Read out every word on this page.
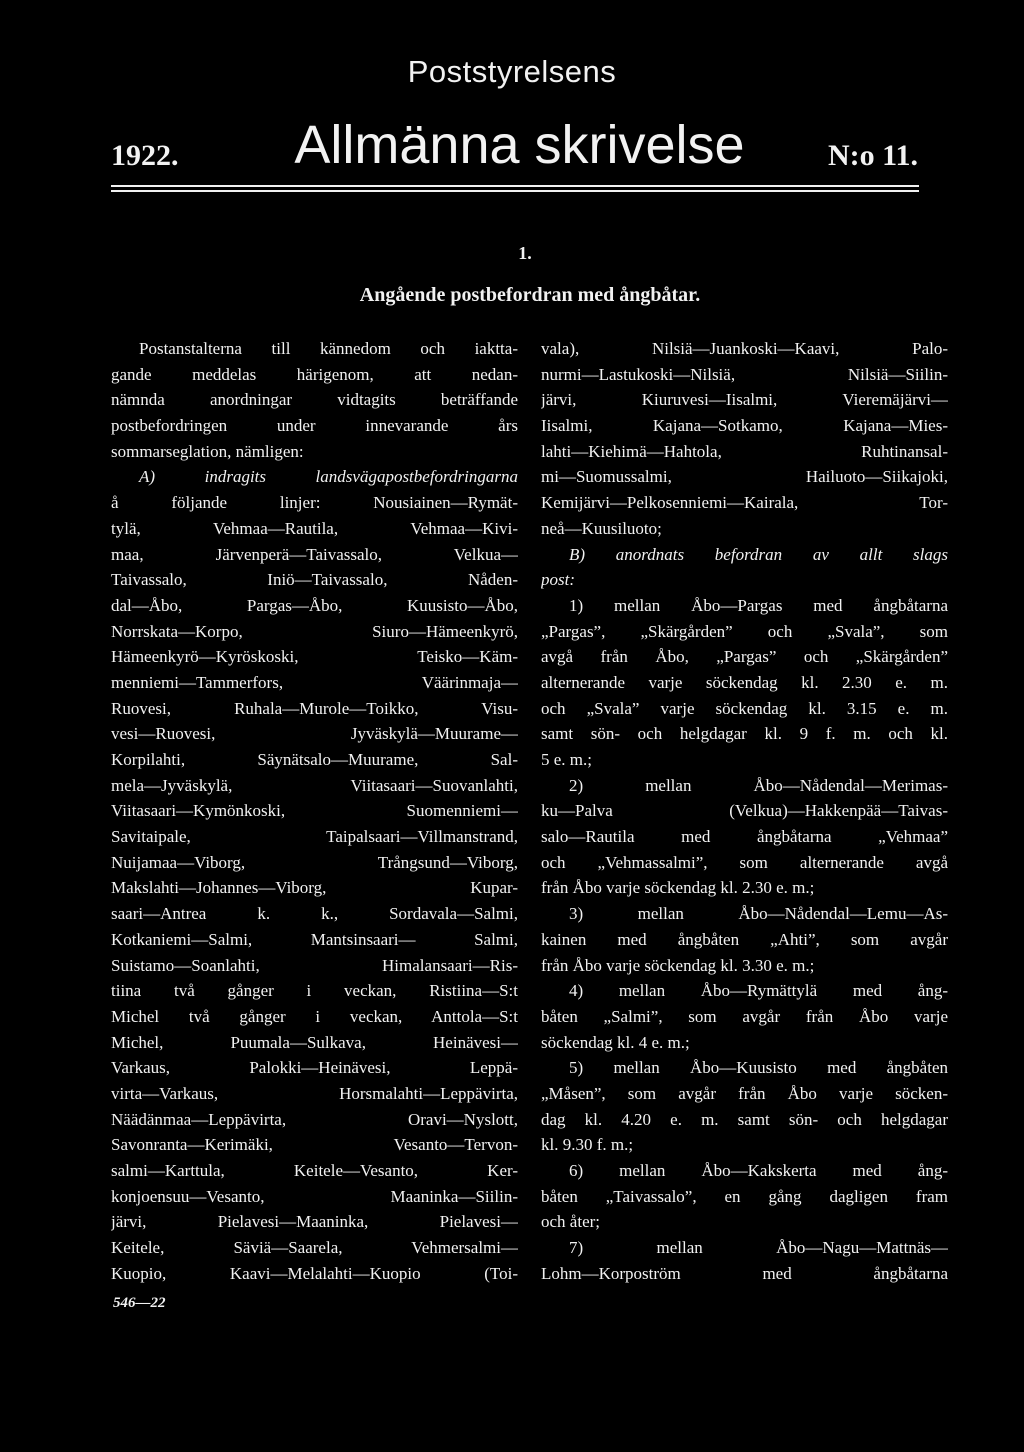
Poststyrelsens
1922.	Allmänna skrivelse	N:o 11.
1.
Angående postbefordran med ångbåtar.
Postanstalterna till kännedom och iaktta-
gande meddelas härigenom, att nedan-
nämnda anordningar vidtagits beträffande
postbefordringen under innevarande års
sommarseglation, nämligen:
A) indragits landsvägapostbefordringarna
å följande linjer: Nousiainen—Rymät-
tylä, Vehmaa—Rautila, Vehmaa—Kivi-
maa, Järvenperä—Taivassalo, Velkua—
Taivassalo, Iniö—Taivassalo, Nåden-
dal—Åbo, Pargas—Åbo, Kuusisto—Åbo,
Norrskata—Korpo, Siuro—Hämeenkyrö,
Hämeenkyrö—Kyröskoski, Teisko—Käm-
menniemi—Tammerfors, Väärinmaja—
Ruovesi, Ruhala—Murole—Toikko, Visu-
vesi—Ruovesi, Jyväskylä—Muurame—
Korpilahti, Säynätsalo—Muurame, Sal-
mela—Jyväskylä, Viitasaari—Suovanlahti,
Viitasaari—Kymönkoski, Suomenniemi—
Savitaipale, Taipalsaari—Villmanstrand,
Nuijamaa—Viborg, Trångsund—Viborg,
Makslahti—Johannes—Viborg, Kupar-
saari—Antrea k. k., Sordavala—Salmi,
Kotkaniemi—Salmi, Mantsinsaari— Salmi,
Suistamo—Soanlahti, Himalansaari—Ris-
tiina två gånger i veckan, Ristiina—S:t
Michel två gånger i veckan, Anttola—S:t
Michel, Puumala—Sulkava, Heinävesi—
Varkaus, Palokki—Heinävesi, Leppä-
virta—Varkaus, Horsmalahti—Leppävirta,
Näädänmaa—Leppävirta, Oravi—Nyslott,
Savonranta—Kerimäki, Vesanto—Tervon-
salmi—Karttula, Keitele—Vesanto, Ker-
konjoensuu—Vesanto, Maaninka—Siilin-
järvi, Pielavesi—Maaninka, Pielavesi—
Keitele, Säviä—Saarela, Vehmersalmi—
Kuopio, Kaavi—Melalahti—Kuopio (Toi-
vala), Nilsiä—Juankoski—Kaavi, Palo-
nurmi—Lastukoski—Nilsiä, Nilsiä—Siilin-
järvi, Kiuruvesi—Iisalmi, Vieremäjärvi—
Iisalmi, Kajana—Sotkamo, Kajana—Mies-
lahti—Kiehimä—Hahtola, Ruhtinansal-
mi—Suomussalmi, Hailuoto—Siikajoki,
Kemijärvi—Pelkosenniemi—Kairala, Tor-
neå—Kuusiluoto;
B) anordnats befordran av allt slags
post:
1) mellan Åbo—Pargas med ångbåtarna
„Pargas”, „Skärgården” och „Svala”, som
avgå från Åbo, „Pargas” och „Skärgården”
alternerande varje söckendag kl. 2.30 e. m.
och „Svala” varje söckendag kl. 3.15 e. m.
samt sön- och helgdagar kl. 9 f. m. och kl.
5 e. m.;
2) mellan Åbo—Nådendal—Merimas-
ku—Palva (Velkua)—Hakkenpää—Taivas-
salo—Rautila med ångbåtarna „Vehmaa”
och „Vehmassalmi”, som alternerande avgå
från Åbo varje söckendag kl. 2.30 e. m.;
3) mellan Åbo—Nådendal—Lemu—As-
kainen med ångbåten „Ahti”, som avgår
från Åbo varje söckendag kl. 3.30 e. m.;
4) mellan Åbo—Rymättylä med ång-
båten „Salmi”, som avgår från Åbo varje
söckendag kl. 4 e. m.;
5) mellan Åbo—Kuusisto med ångbåten
„Måsen”, som avgår från Åbo varje söcken-
dag kl. 4.20 e. m. samt sön- och helgdagar
kl. 9.30 f. m.;
6) mellan Åbo—Kakskerta med ång-
båten „Taivassalo”, en gång dagligen fram
och åter;
7) mellan Åbo—Nagu—Mattnäs—
Lohm—Korpoström med ångbåtarna
546—22
